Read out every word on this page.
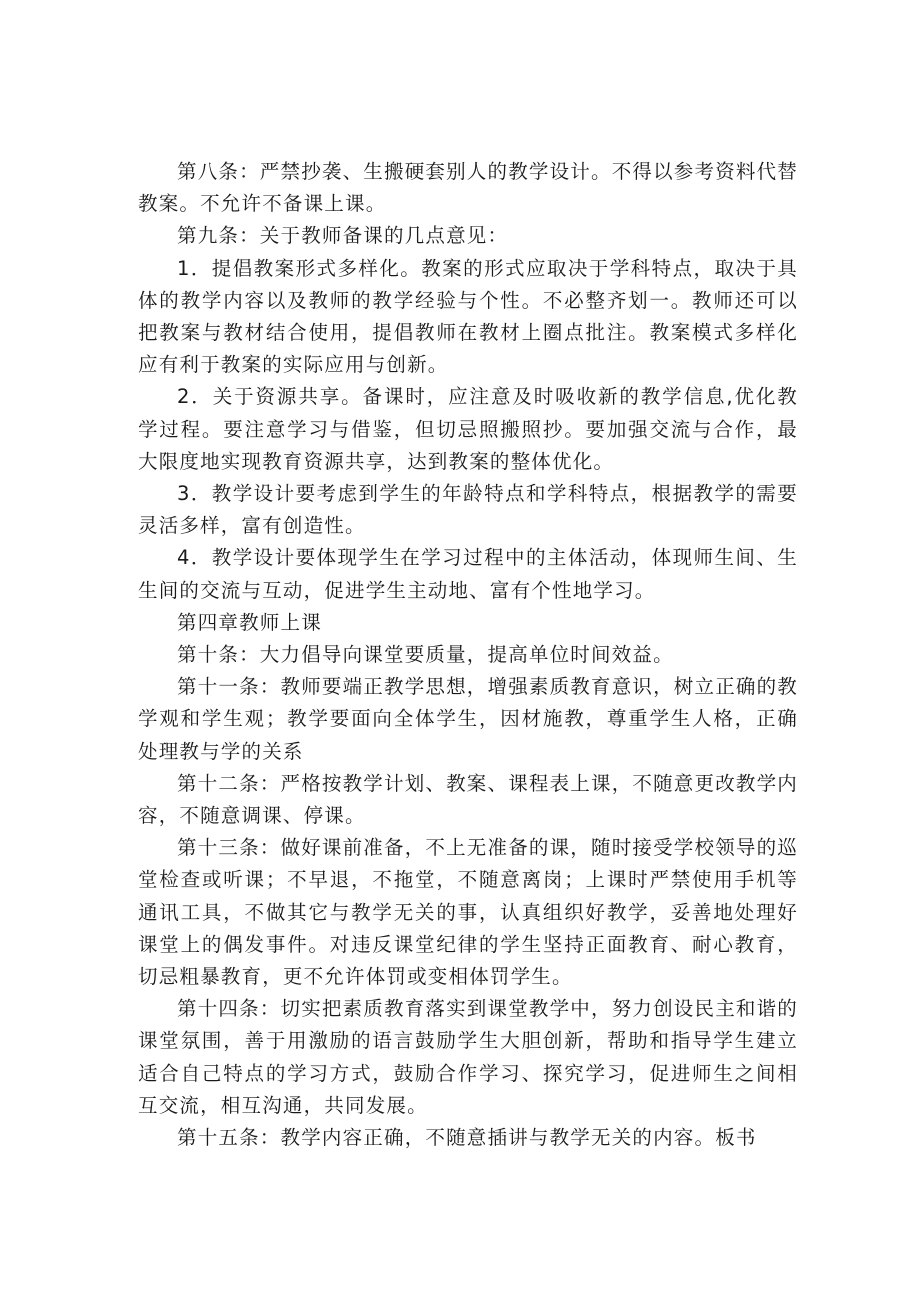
第八条：严禁抄袭、生搬硬套别人的教学设计。不得以参考资料代替教案。不允许不备课上课。

第九条：关于教师备课的几点意见：

1．提倡教案形式多样化。教案的形式应取决于学科特点，取决于具体的教学内容以及教师的教学经验与个性。不必整齐划一。教师还可以把教案与教材结合使用，提倡教师在教材上圈点批注。教案模式多样化应有利于教案的实际应用与创新。

2．关于资源共享。备课时，应注意及时吸收新的教学信息,优化教学过程。要注意学习与借鉴，但切忌照搬照抄。要加强交流与合作，最大限度地实现教育资源共享，达到教案的整体优化。

3．教学设计要考虑到学生的年龄特点和学科特点，根据教学的需要灵活多样，富有创造性。

4．教学设计要体现学生在学习过程中的主体活动，体现师生间、生生间的交流与互动，促进学生主动地、富有个性地学习。

第四章教师上课

第十条：大力倡导向课堂要质量，提高单位时间效益。

第十一条：教师要端正教学思想，增强素质教育意识，树立正确的教学观和学生观；教学要面向全体学生，因材施教，尊重学生人格，正确处理教与学的关系

第十二条：严格按教学计划、教案、课程表上课，不随意更改教学内容，不随意调课、停课。

第十三条：做好课前准备，不上无准备的课，随时接受学校领导的巡堂检查或听课；不早退，不拖堂，不随意离岗；上课时严禁使用手机等通讯工具，不做其它与教学无关的事，认真组织好教学，妥善地处理好课堂上的偶发事件。对违反课堂纪律的学生坚持正面教育、耐心教育，切忌粗暴教育，更不允许体罚或变相体罚学生。

第十四条：切实把素质教育落实到课堂教学中，努力创设民主和谐的课堂氛围，善于用激励的语言鼓励学生大胆创新，帮助和指导学生建立适合自己特点的学习方式，鼓励合作学习、探究学习，促进师生之间相互交流，相互沟通，共同发展。

第十五条：教学内容正确，不随意插讲与教学无关的内容。板书
